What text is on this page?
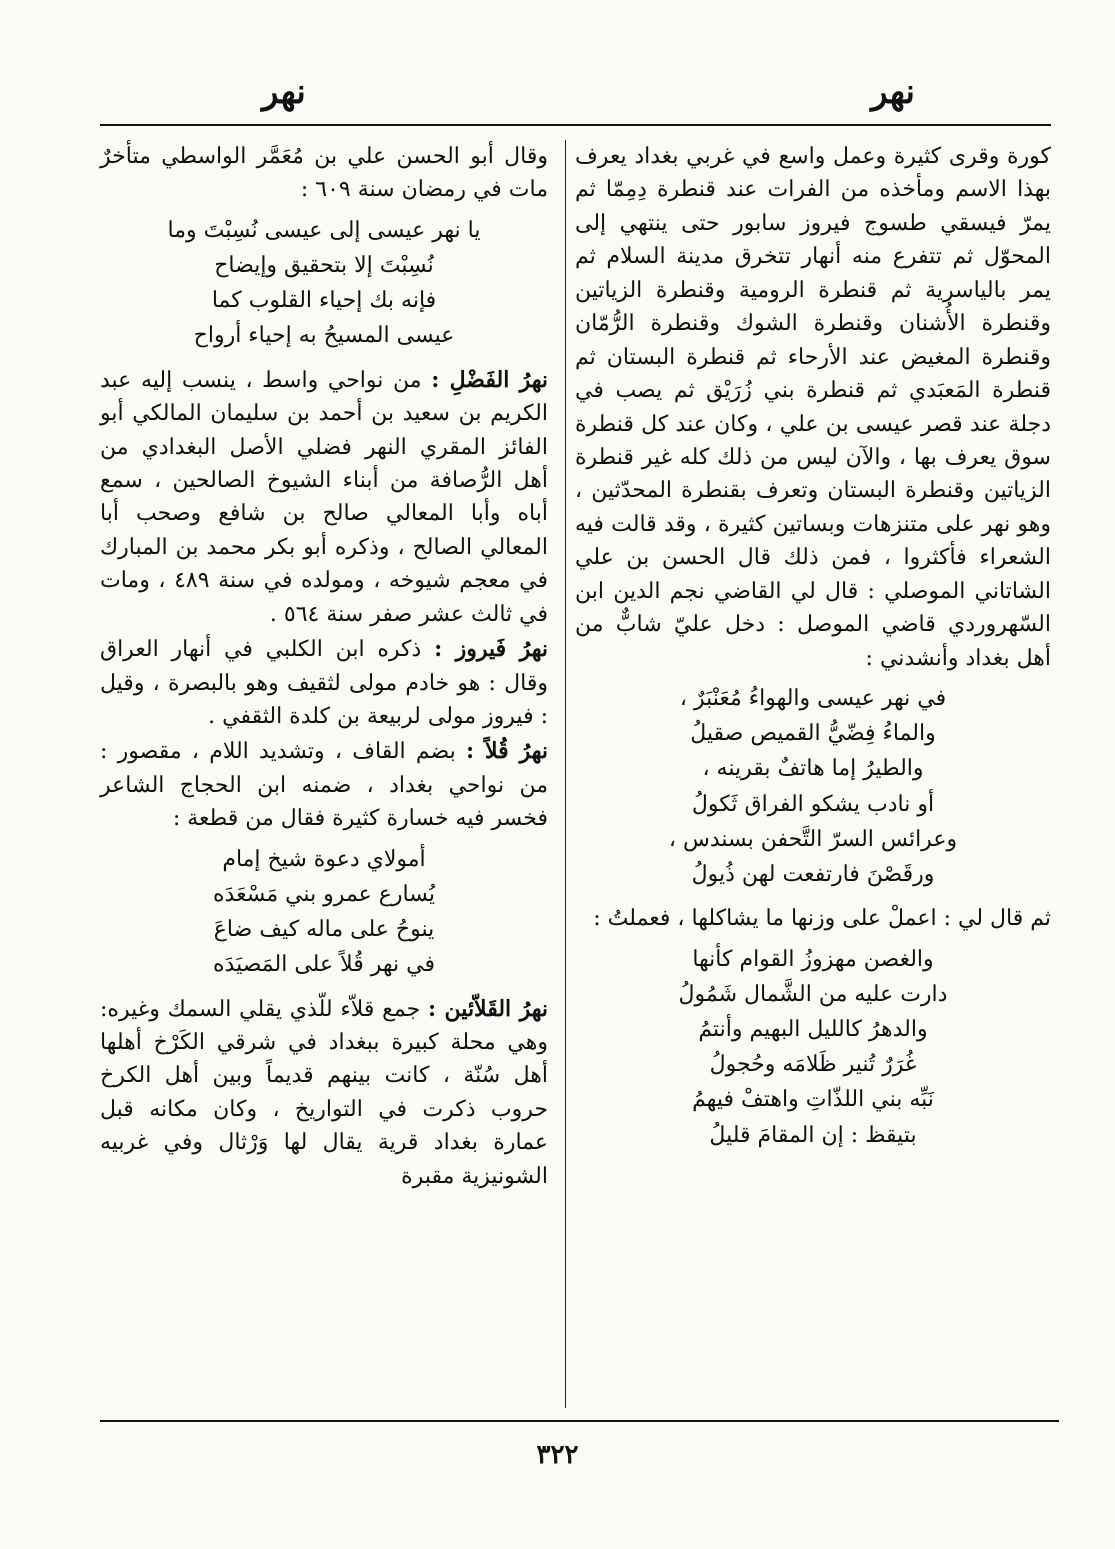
نهر
نهر

كورة وقرى كثيرة وعمل واسع في غربي بغداد يعرف بهذا الاسم ومأخذه من الفرات عند قنطرة دِمِمّا ثم يمرّ فيسقي طسوج فيروز سابور حتى ينتهي إلى المحوّل ثم تتفرع منه أنهار تتخرق مدينة السلام ثم يمر بالياسرية ثم قنطرة الرومية وقنطرة الزياتين وقنطرة الأُشنان وقنطرة الشوك وقنطرة الرُّمّان وقنطرة المغيض عند الأرحاء ثم قنطرة البستان ثم قنطرة المَعبَدي ثم قنطرة بني زُرَيْق ثم يصب في دجلة عند قصر عيسى بن علي ، وكان عند كل قنطرة سوق يعرف بها ، والآن ليس من ذلك كله غير قنطرة الزياتين وقنطرة البستان وتعرف بقنطرة المحدّثين ، وهو نهر على متنزهات وبساتين كثيرة ، وقد قالت فيه الشعراء فأكثروا ، فمن ذلك قال الحسن بن علي الشاتاني الموصلي : قال لي القاضي نجم الدين ابن السّهروردي قاضي الموصل : دخل عليّ شابٌّ من أهل بغداد وأنشدني :

في نهر عيسى والهواءُ مُعَنْبَرٌ ،
والماءُ فِضّيُّ القميص صقيلُ
والطيرُ إما هاتفٌ بقرينه ،
أو نادب يشكو الفراق ثَكولُ
وعرائس السرّ التَّحفن بسندس ،
ورقَصْنَ فارتفعت لهن ذُيولُ

ثم قال لي : اعملْ على وزنها ما يشاكلها ، فعملتُ :

والغصن مهزوزُ القوام كأنها
دارت عليه من الشَّمال شَمُولُ
والدهرُ كالليل البهيم وأنتمُ
غُرَرٌ تُنير ظَلامَه وحُجولُ
نَبِّه بني اللذّاتِ واهتفْ فيهمُ
بتيقظ : إن المقامَ قليلُ

وقال أبو الحسن علي بن مُعَمَّر الواسطي متأخرٌ مات في رمضان سنة ٦٠٩ :

يا نهر عيسى إلى عيسى نُسِبْتَ وما
نُسِبْتَ إلا بتحقيق وإيضاح
فإنه بك إحياء القلوب كما
عيسى المسيحُ به إحياء أرواح

نهرُ الفَضْلِ : من نواحي واسط ، ينسب إليه عبد الكريم بن سعيد بن أحمد بن سليمان المالكي أبو الفائز المقري النهر فضلي الأصل البغدادي من أهل الرُّصافة من أبناء الشيوخ الصالحين ، سمع أباه وأبا المعالي صالح بن شافع وصحب أبا المعالي الصالح ، وذكره أبو بكر محمد بن المبارك في معجم شيوخه ، ومولده في سنة ٤٨٩ ، ومات في ثالث عشر صفر سنة ٥٦٤ .

نهرُ فَيروز : ذكره ابن الكلبي في أنهار العراق وقال : هو خادم مولى لثقيف وهو بالبصرة ، وقيل : فيروز مولى لربيعة بن كلدة الثقفي .

نهرُ قُلاً : بضم القاف ، وتشديد اللام ، مقصور : من نواحي بغداد ، ضمنه ابن الحجاج الشاعر فخسر فيه خسارة كثيرة فقال من قطعة :

أمولاي دعوة شيخ إمام
يُسارع عمرو بني مَسْعَدَه
ينوحُ على ماله كيف ضاعَ
في نهر قُلاً على المَصيَدَه

نهرُ القَلاّئين : جمع قلاّء للّذي يقلي السمك وغيره: وهي محلة كبيرة ببغداد في شرقي الكَرْخ أهلها أهل سُنّة ، كانت بينهم قديماً وبين أهل الكرخ حروب ذكرت في التواريخ ، وكان مكانه قبل عمارة بغداد قرية يقال لها وَرْثال وفي غربيه الشونيزية مقبرة

٣٢٢
